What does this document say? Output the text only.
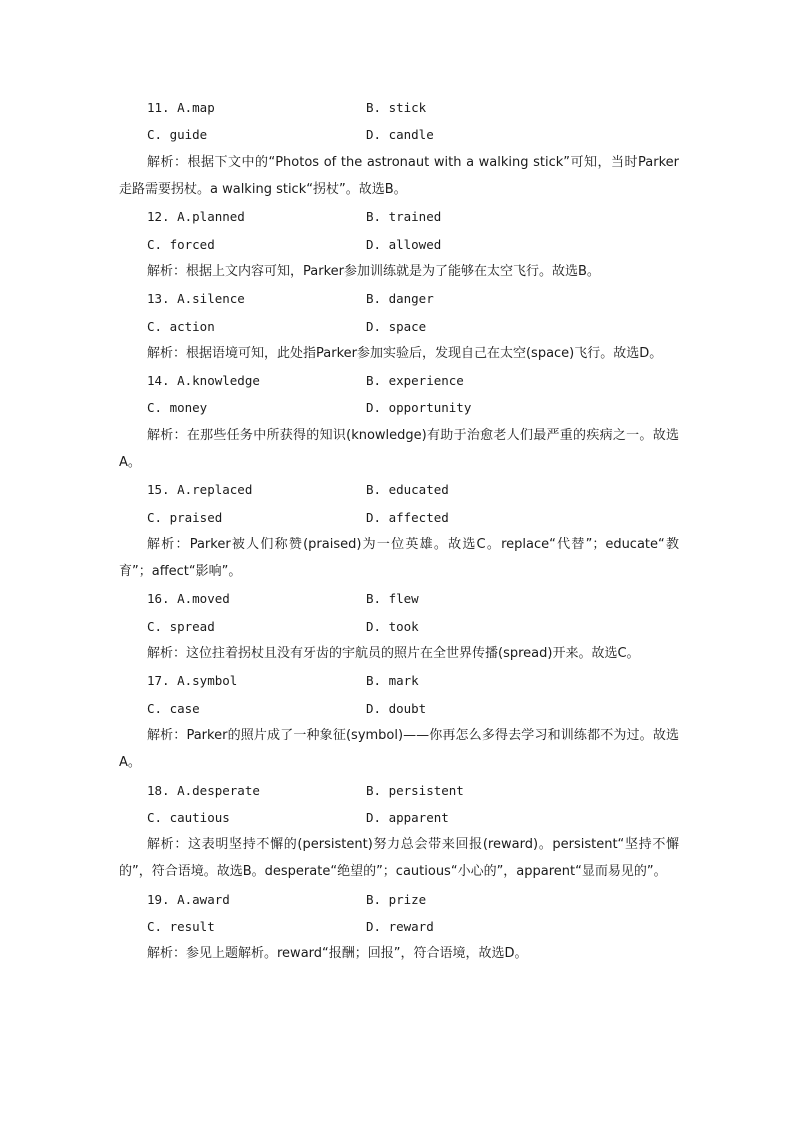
11. A.map	B. stick
C. guide	D. candle

解析：根据下文中的“Photos of the astronaut with a walking stick”可知，当时Parker走路需要拐杖。a walking stick“拐杖”。故选B。

12. A.planned	B. trained
C. forced	D. allowed

解析：根据上文内容可知，Parker参加训练就是为了能够在太空飞行。故选B。

13. A.silence	B. danger
C. action	D. space

解析：根据语境可知，此处指Parker参加实验后，发现自己在太空(space)飞行。故选D。

14. A.knowledge	B. experience
C. money	D. opportunity

解析：在那些任务中所获得的知识(knowledge)有助于治愈老人们最严重的疾病之一。故选A。

15. A.replaced	B. educated
C. praised	D. affected

解析：Parker被人们称赞(praised)为一位英雄。故选C。replace“代替”；educate“教育”；affect“影响”。

16. A.moved	B. flew
C. spread	D. took

解析：这位拄着拐杖且没有牙齿的宇航员的照片在全世界传播(spread)开来。故选C。

17. A.symbol	B. mark
C. case	D. doubt

解析：Parker的照片成了一种象征(symbol)——你再怎么多得去学习和训练都不为过。故选A。

18. A.desperate	B. persistent
C. cautious	D. apparent

解析：这表明坚持不懈的(persistent)努力总会带来回报(reward)。persistent“坚持不懈的”，符合语境。故选B。desperate“绝望的”；cautious“小心的”，apparent“显而易见的”。

19. A.award	B. prize
C. result	D. reward

解析：参见上题解析。reward“报酬；回报”，符合语境，故选D。
